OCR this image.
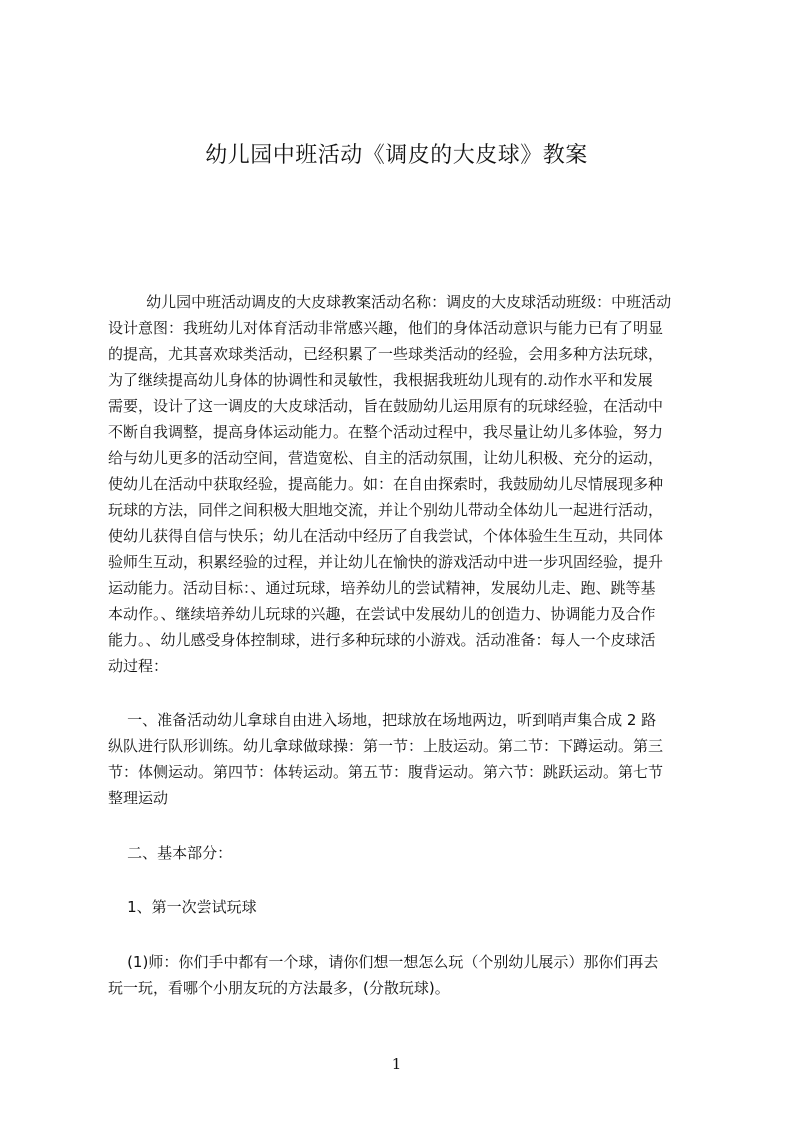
幼儿园中班活动《调皮的大皮球》教案
幼儿园中班活动调皮的大皮球教案活动名称：调皮的大皮球活动班级：中班活动
设计意图：我班幼儿对体育活动非常感兴趣，他们的身体活动意识与能力已有了明显
的提高，尤其喜欢球类活动，已经积累了一些球类活动的经验，会用多种方法玩球，
为了继续提高幼儿身体的协调性和灵敏性，我根据我班幼儿现有的.动作水平和发展
需要，设计了这一调皮的大皮球活动，旨在鼓励幼儿运用原有的玩球经验，在活动中
不断自我调整，提高身体运动能力。在整个活动过程中，我尽量让幼儿多体验，努力
给与幼儿更多的活动空间，营造宽松、自主的活动氛围，让幼儿积极、充分的运动，
使幼儿在活动中获取经验，提高能力。如：在自由探索时，我鼓励幼儿尽情展现多种
玩球的方法，同伴之间积极大胆地交流，并让个别幼儿带动全体幼儿一起进行活动，
使幼儿获得自信与快乐；幼儿在活动中经历了自我尝试，个体体验生生互动，共同体
验师生互动，积累经验的过程，并让幼儿在愉快的游戏活动中进一步巩固经验，提升
运动能力。活动目标：、通过玩球，培养幼儿的尝试精神，发展幼儿走、跑、跳等基
本动作。、继续培养幼儿玩球的兴趣，在尝试中发展幼儿的创造力、协调能力及合作
能力。、幼儿感受身体控制球，进行多种玩球的小游戏。活动准备：每人一个皮球活
动过程：
一、准备活动幼儿拿球自由进入场地，把球放在场地两边，听到哨声集合成 2 路
纵队进行队形训练。幼儿拿球做球操：第一节：上肢运动。第二节：下蹲运动。第三
节：体侧运动。第四节：体转运动。第五节：腹背运动。第六节：跳跃运动。第七节
整理运动
二、基本部分：
1、第一次尝试玩球
(1)师：你们手中都有一个球，请你们想一想怎么玩（个别幼儿展示）那你们再去
玩一玩，看哪个小朋友玩的方法最多，(分散玩球)。
1
